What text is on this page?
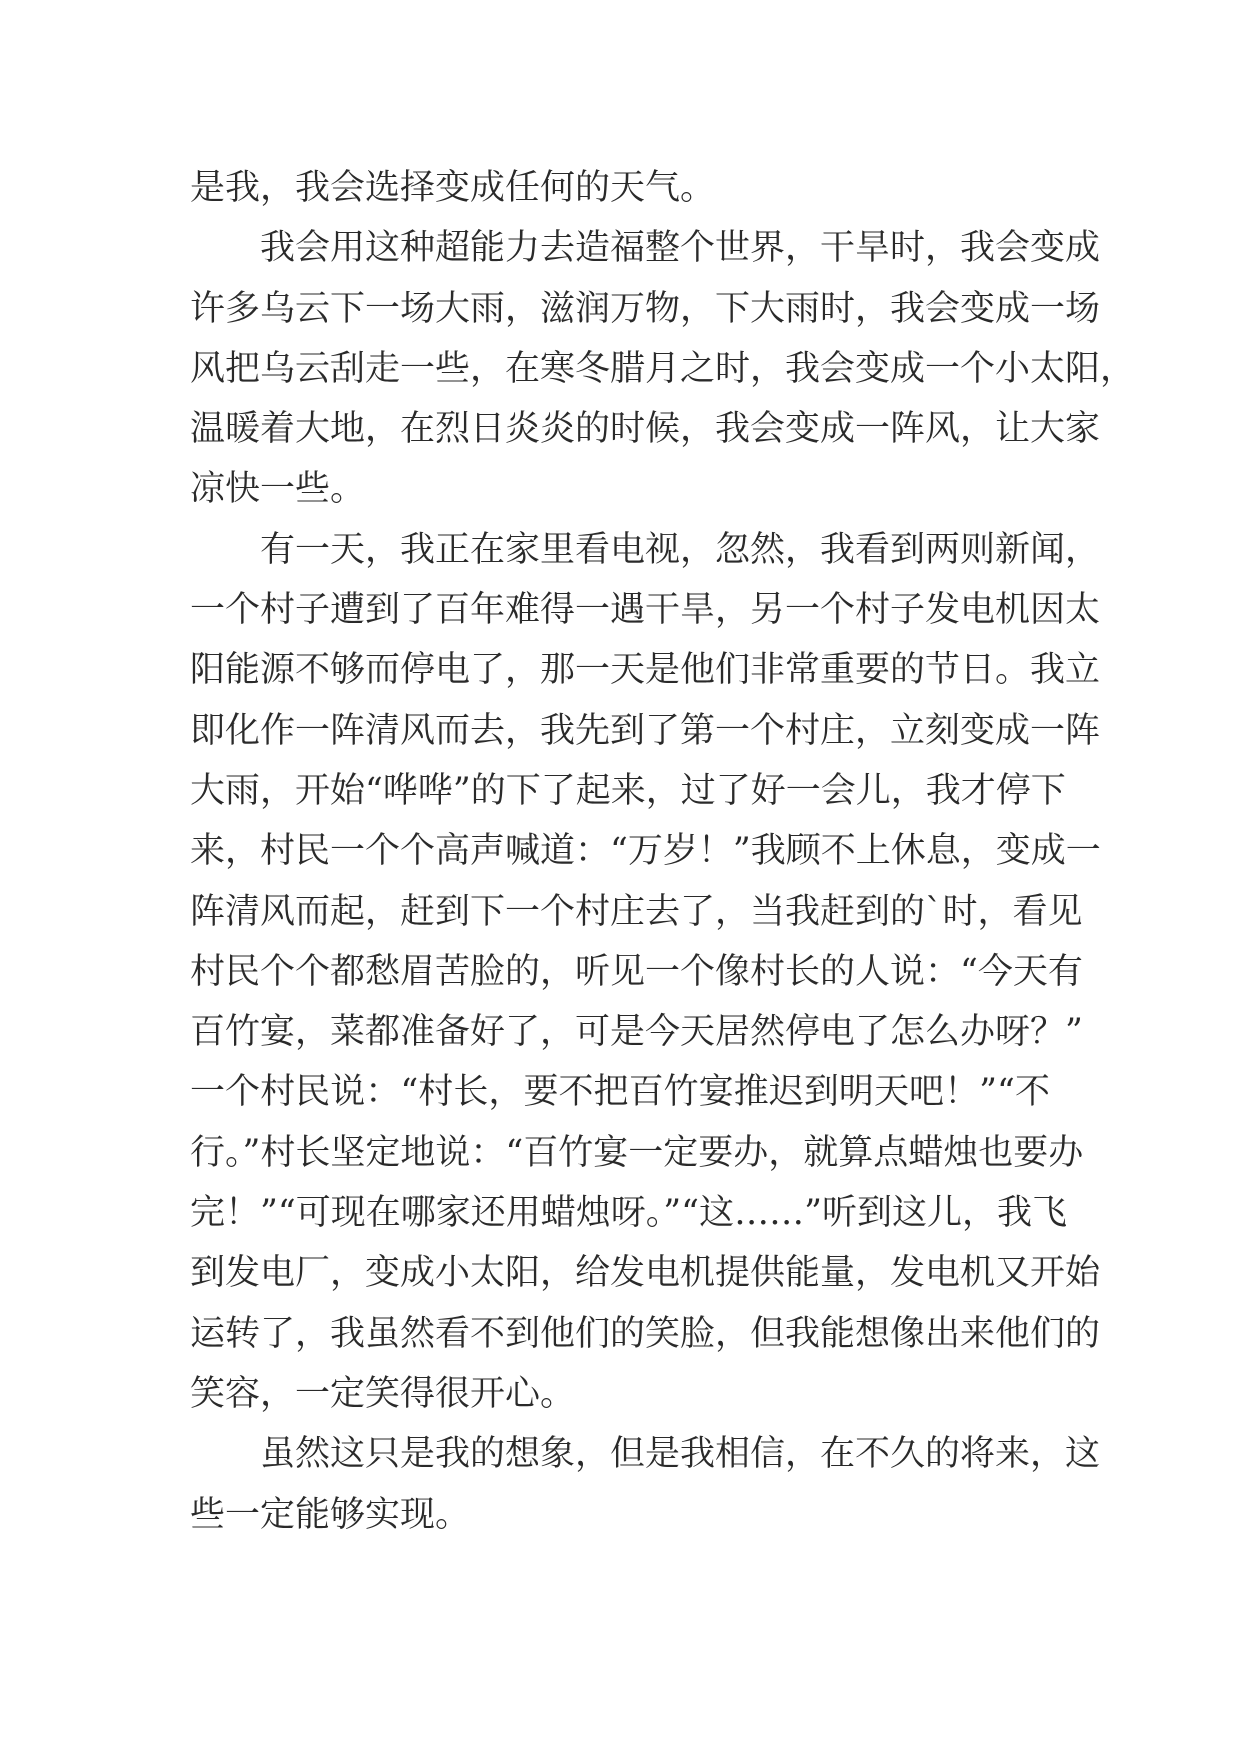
是我，我会选择变成任何的天气。
我会用这种超能力去造福整个世界，干旱时，我会变成
许多乌云下一场大雨，滋润万物，下大雨时，我会变成一场
风把乌云刮走一些，在寒冬腊月之时，我会变成一个小太阳，
温暖着大地，在烈日炎炎的时候，我会变成一阵风，让大家
凉快一些。
有一天，我正在家里看电视，忽然，我看到两则新闻，
一个村子遭到了百年难得一遇干旱，另一个村子发电机因太
阳能源不够而停电了，那一天是他们非常重要的节日。我立
即化作一阵清风而去，我先到了第一个村庄，立刻变成一阵
大雨，开始“哗哗”的下了起来，过了好一会儿，我才停下
来，村民一个个高声喊道：“万岁！”我顾不上休息，变成一
阵清风而起，赶到下一个村庄去了，当我赶到的`时，看见
村民个个都愁眉苦脸的，听见一个像村长的人说：“今天有
百竹宴，菜都准备好了，可是今天居然停电了怎么办呀？”
一个村民说：“村长，要不把百竹宴推迟到明天吧！”“不
行。”村长坚定地说：“百竹宴一定要办，就算点蜡烛也要办
完！”“可现在哪家还用蜡烛呀。”“这……”听到这儿，我飞
到发电厂，变成小太阳，给发电机提供能量，发电机又开始
运转了，我虽然看不到他们的笑脸，但我能想像出来他们的
笑容，一定笑得很开心。
虽然这只是我的想象，但是我相信，在不久的将来，这
些一定能够实现。
